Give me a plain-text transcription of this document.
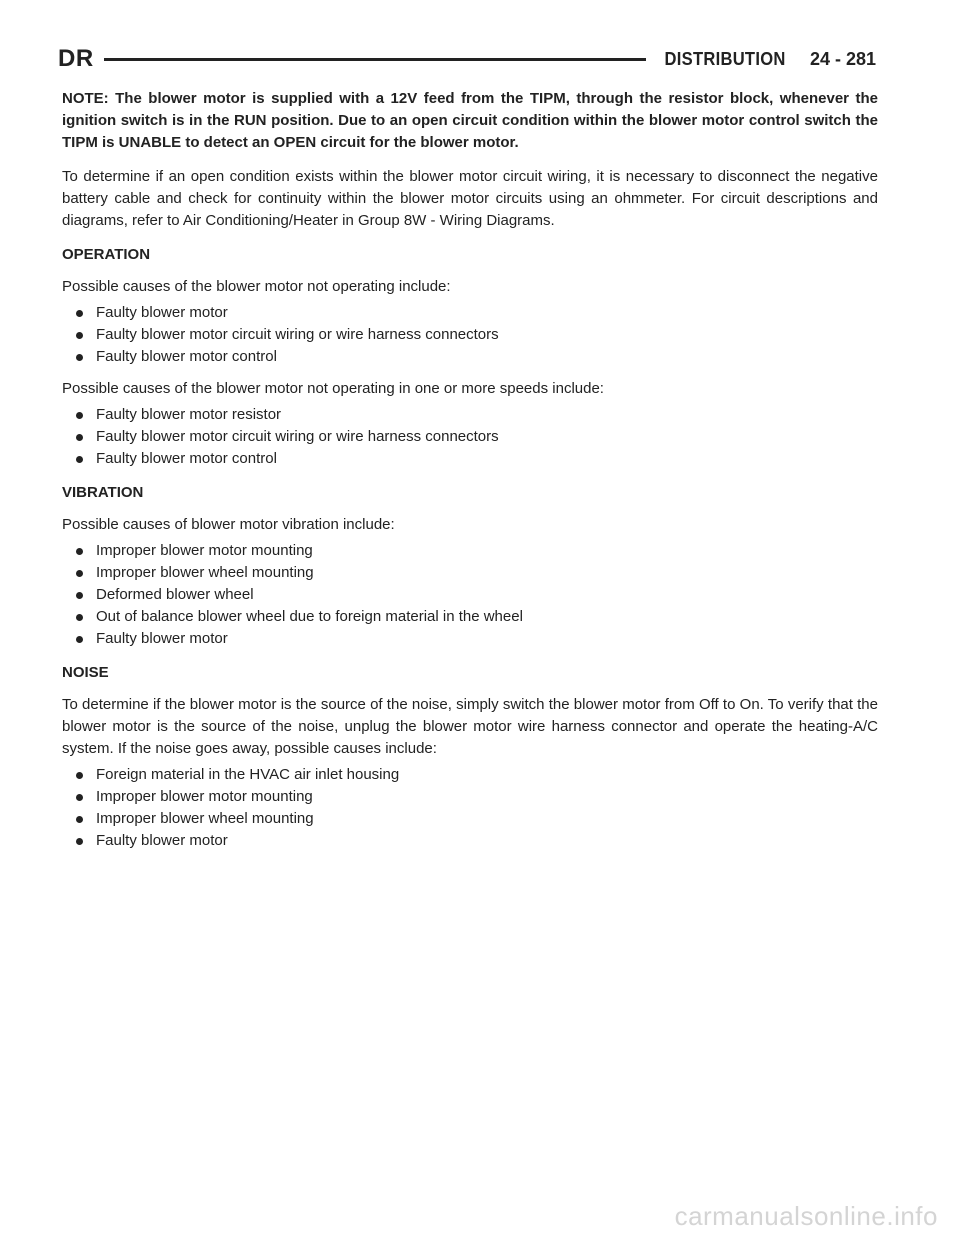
DR	DISTRIBUTION 24 - 281

NOTE: The blower motor is supplied with a 12V feed from the TIPM, through the resistor block, whenever the ignition switch is in the RUN position. Due to an open circuit condition within the blower motor control switch the TIPM is UNABLE to detect an OPEN circuit for the blower motor.

To determine if an open condition exists within the blower motor circuit wiring, it is necessary to disconnect the negative battery cable and check for continuity within the blower motor circuits using an ohmmeter. For circuit descriptions and diagrams, refer to Air Conditioning/Heater in Group 8W - Wiring Diagrams.

OPERATION

Possible causes of the blower motor not operating include:

Faulty blower motor
Faulty blower motor circuit wiring or wire harness connectors
Faulty blower motor control

Possible causes of the blower motor not operating in one or more speeds include:

Faulty blower motor resistor
Faulty blower motor circuit wiring or wire harness connectors
Faulty blower motor control

VIBRATION

Possible causes of blower motor vibration include:

Improper blower motor mounting
Improper blower wheel mounting
Deformed blower wheel
Out of balance blower wheel due to foreign material in the wheel
Faulty blower motor

NOISE

To determine if the blower motor is the source of the noise, simply switch the blower motor from Off to On. To verify that the blower motor is the source of the noise, unplug the blower motor wire harness connector and operate the heating-A/C system. If the noise goes away, possible causes include:

Foreign material in the HVAC air inlet housing
Improper blower motor mounting
Improper blower wheel mounting
Faulty blower motor
carmanualsonline.info
